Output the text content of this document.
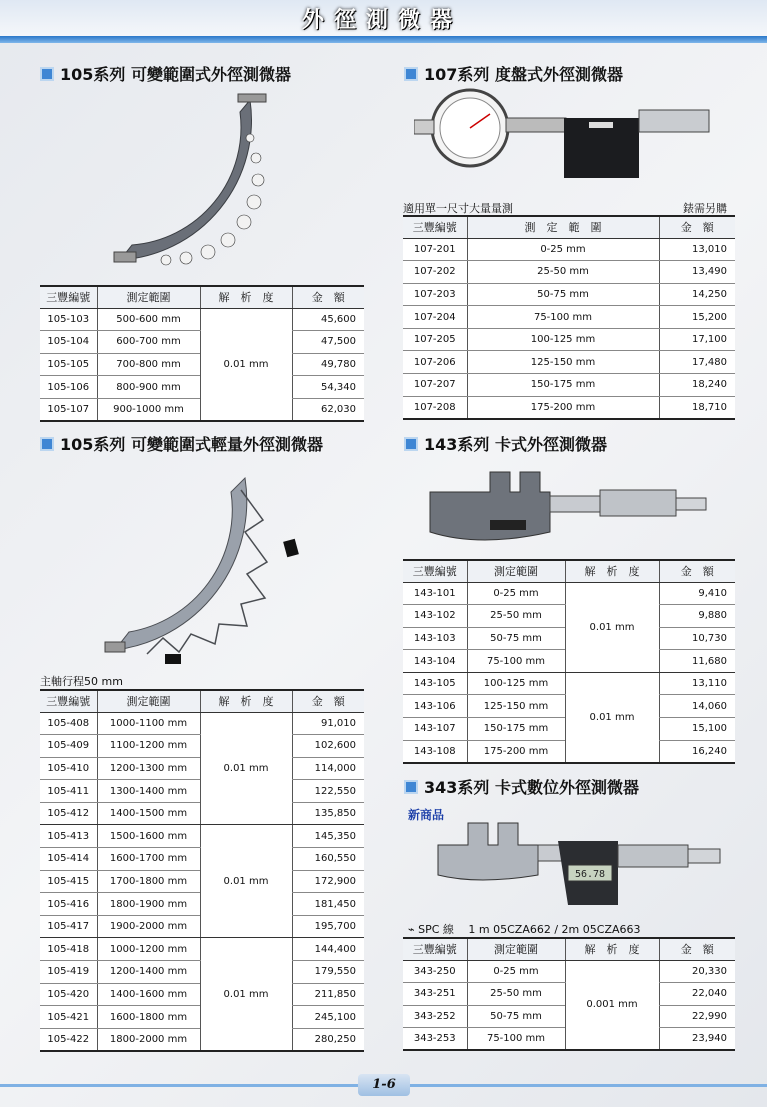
外徑測微器
105系列 可變範圍式外徑測微器
三豐編號	測定範圍	解　析　度	金　額
105-103	500-600 mm	0.01 mm	45,600
105-104	600-700 mm		47,500
105-105	700-800 mm		49,780
105-106	800-900 mm		54,340
105-107	900-1000 mm		62,030
105系列 可變範圍式輕量外徑測微器
主軸行程50 mm
三豐編號	測定範圍	解　析　度	金　額
105-408	1000-1100 mm	0.01 mm	91,010
105-409	1100-1200 mm		102,600
105-410	1200-1300 mm		114,000
105-411	1300-1400 mm		122,550
105-412	1400-1500 mm		135,850
105-413	1500-1600 mm	0.01 mm	145,350
105-414	1600-1700 mm		160,550
105-415	1700-1800 mm		172,900
105-416	1800-1900 mm		181,450
105-417	1900-2000 mm		195,700
105-418	1000-1200 mm	0.01 mm	144,400
105-419	1200-1400 mm		179,550
105-420	1400-1600 mm		211,850
105-421	1600-1800 mm		245,100
105-422	1800-2000 mm		280,250
107系列 度盤式外徑測微器
適用單一尺寸大量量測	錶需另購
三豐編號	測　定　範　圍	金　額
107-201	0-25 mm	13,010
107-202	25-50 mm	13,490
107-203	50-75 mm	14,250
107-204	75-100 mm	15,200
107-205	100-125 mm	17,100
107-206	125-150 mm	17,480
107-207	150-175 mm	18,240
107-208	175-200 mm	18,710
143系列 卡式外徑測微器
三豐編號	測定範圍	解　析　度	金　額
143-101	0-25 mm	0.01 mm	9,410
143-102	25-50 mm		9,880
143-103	50-75 mm		10,730
143-104	75-100 mm		11,680
143-105	100-125 mm	0.01 mm	13,110
143-106	125-150 mm		14,060
143-107	150-175 mm		15,100
143-108	175-200 mm		16,240
343系列 卡式數位外徑測微器
新商品
56.78
⌁ SPC 線　 1 m 05CZA662 / 2m 05CZA663
三豐編號	測定範圍	解　析　度	金　額
343-250	0-25 mm	0.001 mm	20,330
343-251	25-50 mm		22,040
343-252	50-75 mm		22,990
343-253	75-100 mm		23,940
1-6
